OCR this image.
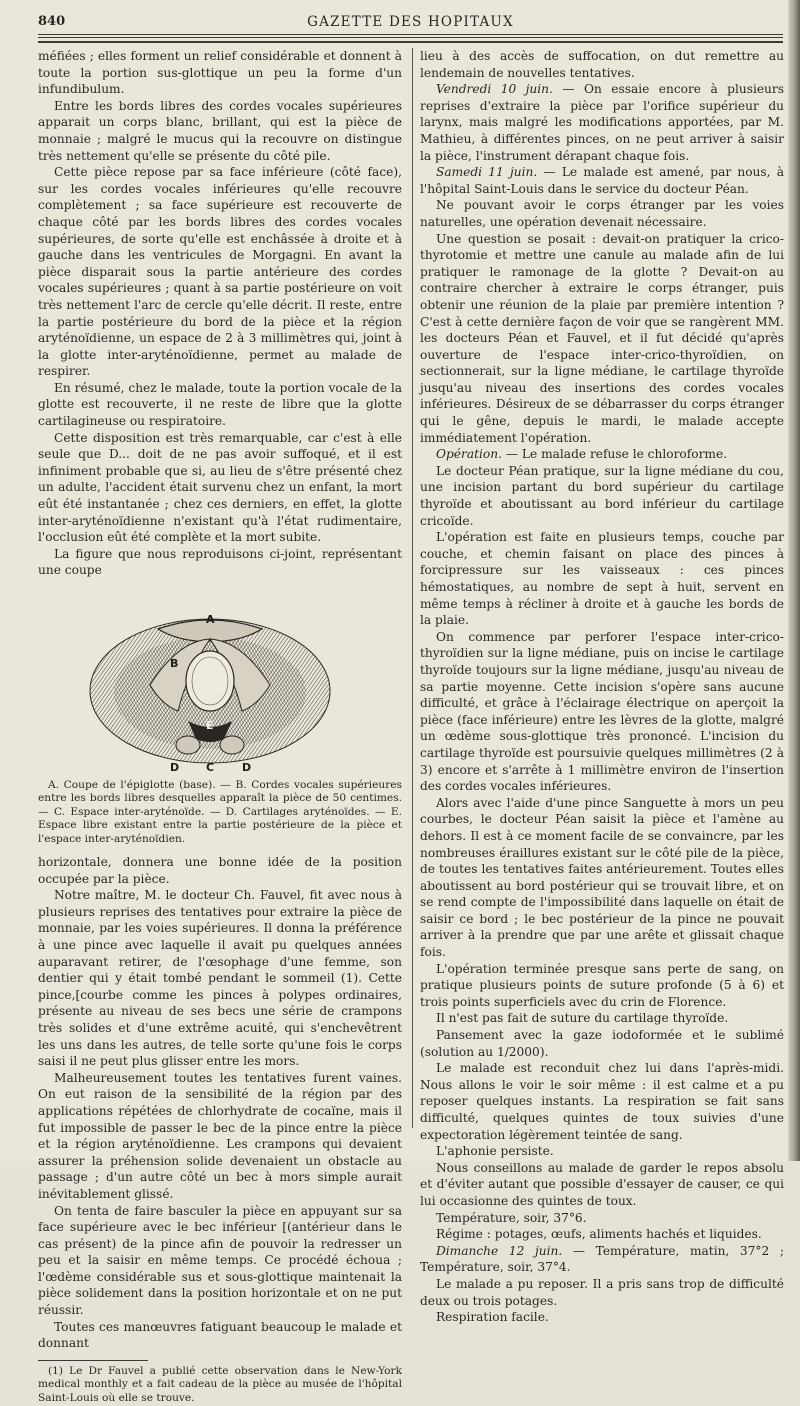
840	GAZETTE DES HOPITAUX

méfiées ; elles forment un relief considérable et donnent à toute la portion sus-glottique un peu la forme d'un infundibulum.

Entre les bords libres des cordes vocales supérieures apparait un corps blanc, brillant, qui est la pièce de monnaie ; malgré le mucus qui la recouvre on distingue très nettement qu'elle se présente du côté pile.

Cette pièce repose par sa face inférieure (côté face), sur les cordes vocales inférieures qu'elle recouvre complètement ; sa face supérieure est recouverte de chaque côté par les bords libres des cordes vocales supérieures, de sorte qu'elle est enchâssée à droite et à gauche dans les ventricules de Morgagni. En avant la pièce disparait sous la partie antérieure des cordes vocales supérieures ; quant à sa partie postérieure on voit très nettement l'arc de cercle qu'elle décrit. Il reste, entre la partie postérieure du bord de la pièce et la région aryténoïdienne, un espace de 2 à 3 millimètres qui, joint à la glotte inter-aryténoïdienne, permet au malade de respirer.

En résumé, chez le malade, toute la portion vocale de la glotte est recouverte, il ne reste de libre que la glotte cartilagineuse ou respiratoire.

Cette disposition est très remarquable, car c'est à elle seule que D... doit de ne pas avoir suffoqué, et il est infiniment probable que si, au lieu de s'être présenté chez un adulte, l'accident était survenu chez un enfant, la mort eût été instantanée ; chez ces derniers, en effet, la glotte inter-aryténoïdienne n'existant qu'à l'état rudimentaire, l'occlusion eût été complète et la mort subite.

La figure que nous reproduisons ci-joint, représentant une coupe

A
B
E
D C	D

A. Coupe de l'épiglotte (base). — B. Cordes vocales supérieures entre les bords libres desquelles apparaît la pièce de 50 centimes. — C. Espace inter-aryténoïde. — D. Cartilages aryténoïdes. — E. Espace libre existant entre la partie postérieure de la pièce et l'espace inter-aryténoïdien.

horizontale, donnera une bonne idée de la position occupée par la pièce.

Notre maître, M. le docteur Ch. Fauvel, fit avec nous à plusieurs reprises des tentatives pour extraire la pièce de monnaie, par les voies supérieures. Il donna la préférence à une pince avec laquelle il avait pu quelques années auparavant retirer, de l'œsophage d'une femme, son dentier qui y était tombé pendant le sommeil (1). Cette pince,[courbe comme les pinces à polypes ordinaires, présente au niveau de ses becs une série de crampons très solides et d'une extrême acuité, qui s'enchevêtrent les uns dans les autres, de telle sorte qu'une fois le corps saisi il ne peut plus glisser entre les mors.

Malheureusement toutes les tentatives furent vaines. On eut raison de la sensibilité de la région par des applications répétées de chlorhydrate de cocaïne, mais il fut impossible de passer le bec de la pince entre la pièce et la région aryténoïdienne. Les crampons qui devaient assurer la préhension solide devenaient un obstacle au passage ; d'un autre côté un bec à mors simple aurait inévitablement glissé.

On tenta de faire basculer la pièce en appuyant sur sa face supérieure avec le bec inférieur [(antérieur dans le cas présent) de la pince afin de pouvoir la redresser un peu et la saisir en même temps. Ce procédé échoua ; l'œdème considérable sus et sous-glottique maintenait la pièce solidement dans la position horizontale et on ne put réussir.

Toutes ces manœuvres fatiguant beaucoup le malade et donnant

(1) Le Dr Fauvel a publié cette observation dans le New-York medical monthly et a fait cadeau de la pièce au musée de l'hôpital Saint-Louis où elle se trouve.

lieu à des accès de suffocation, on dut remettre au lendemain de nouvelles tentatives.

Vendredi 10 juin. — On essaie encore à plusieurs reprises d'extraire la pièce par l'orifice supérieur du larynx, mais malgré les modifications apportées, par M. Mathieu, à différentes pinces, on ne peut arriver à saisir la pièce, l'instrument dérapant chaque fois.

Samedi 11 juin. — Le malade est amené, par nous, à l'hôpital Saint-Louis dans le service du docteur Péan.

Ne pouvant avoir le corps étranger par les voies naturelles, une opération devenait nécessaire.

Une question se posait : devait-on pratiquer la crico-thyrotomie et mettre une canule au malade afin de lui pratiquer le ramonage de la glotte ? Devait-on au contraire chercher à extraire le corps étranger, puis obtenir une réunion de la plaie par première intention ? C'est à cette dernière façon de voir que se rangèrent MM. les docteurs Péan et Fauvel, et il fut décidé qu'après ouverture de l'espace inter-crico-thyroïdien, on sectionnerait, sur la ligne médiane, le cartilage thyroïde jusqu'au niveau des insertions des cordes vocales inférieures. Désireux de se débarrasser du corps étranger qui le gêne, depuis le mardi, le malade accepte immédiatement l'opération.

Opération. — Le malade refuse le chloroforme.

Le docteur Péan pratique, sur la ligne médiane du cou, une incision partant du bord supérieur du cartilage thyroïde et aboutissant au bord inférieur du cartilage cricoïde.

L'opération est faite en plusieurs temps, couche par couche, et chemin faisant on place des pinces à forcipressure sur les vaisseaux : ces pinces hémostatiques, au nombre de sept à huit, servent en même temps à récliner à droite et à gauche les bords de la plaie.

On commence par perforer l'espace inter-crico-thyroïdien sur la ligne médiane, puis on incise le cartilage thyroïde toujours sur la ligne médiane, jusqu'au niveau de sa partie moyenne. Cette incision s'opère sans aucune difficulté, et grâce à l'éclairage électrique on aperçoit la pièce (face inférieure) entre les lèvres de la glotte, malgré un œdème sous-glottique très prononcé. L'incision du cartilage thyroïde est poursuivie quelques millimètres (2 à 3) encore et s'arrête à 1 millimètre environ de l'insertion des cordes vocales inférieures.

Alors avec l'aide d'une pince Sanguette à mors un peu courbes, le docteur Péan saisit la pièce et l'amène au dehors. Il est à ce moment facile de se convaincre, par les nombreuses éraillures existant sur le côté pile de la pièce, de toutes les tentatives faites antérieurement. Toutes elles aboutissent au bord postérieur qui se trouvait libre, et on se rend compte de l'impossibilité dans laquelle on était de saisir ce bord ; le bec postérieur de la pince ne pouvait arriver à la prendre que par une arête et glissait chaque fois.

L'opération terminée presque sans perte de sang, on pratique plusieurs points de suture profonde (5 à 6) et trois points superficiels avec du crin de Florence.

Il n'est pas fait de suture du cartilage thyroïde.

Pansement avec la gaze iodoformée et le sublimé (solution au 1/2000).

Le malade est reconduit chez lui dans l'après-midi. Nous allons le voir le soir même : il est calme et a pu reposer quelques instants. La respiration se fait sans difficulté, quelques quintes de toux suivies d'une expectoration légèrement teintée de sang.

L'aphonie persiste.

Nous conseillons au malade de garder le repos absolu et d'éviter autant que possible d'essayer de causer, ce qui lui occasionne des quintes de toux.

Température, soir, 37°6.

Régime : potages, œufs, aliments hachés et liquides.

Dimanche 12 juin. — Température, matin, 37°2 ; Température, soir, 37°4.

Le malade a pu reposer. Il a pris sans trop de difficulté deux ou trois potages.

Respiration facile.
